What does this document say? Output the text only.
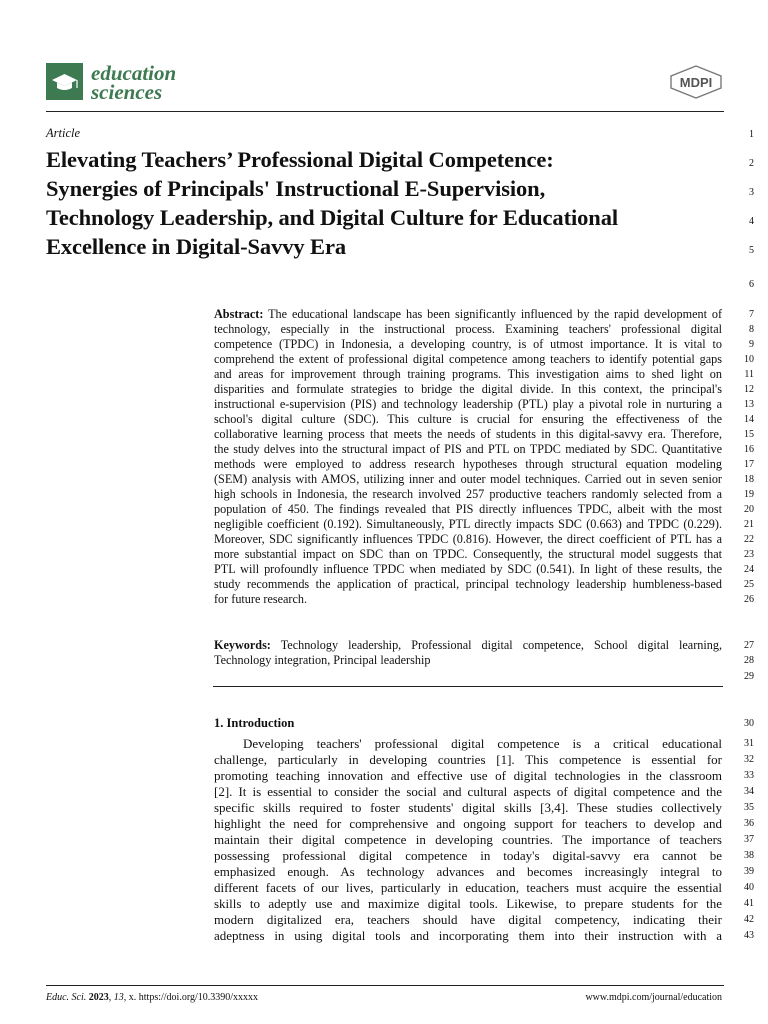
education
sciences	MDPI
Article
Elevating Teachers’ Professional Digital Competence:
Synergies of Principals' Instructional E-Supervision,
Technology Leadership, and Digital Culture for Educational
Excellence in Digital-Savvy Era
Abstract: The educational landscape has been significantly influenced by the rapid development of
technology, especially in the instructional process. Examining teachers' professional digital
competence (TPDC) in Indonesia, a developing country, is of utmost importance. It is vital to
comprehend the extent of professional digital competence among teachers to identify potential gaps
and areas for improvement through training programs. This investigation aims to shed light on
disparities and formulate strategies to bridge the digital divide. In this context, the principal's
instructional e-supervision (PIS) and technology leadership (PTL) play a pivotal role in nurturing a
school's digital culture (SDC). This culture is crucial for ensuring the effectiveness of the
collaborative learning process that meets the needs of students in this digital-savvy era. Therefore,
the study delves into the structural impact of PIS and PTL on TPDC mediated by SDC. Quantitative
methods were employed to address research hypotheses through structural equation modeling
(SEM) analysis with AMOS, utilizing inner and outer model techniques. Carried out in seven senior
high schools in Indonesia, the research involved 257 productive teachers randomly selected from a
population of 450. The findings revealed that PIS directly influences TPDC, albeit with the most
negligible coefficient (0.192). Simultaneously, PTL directly impacts SDC (0.663) and TPDC (0.229).
Moreover, SDC significantly influences TPDC (0.816). However, the direct coefficient of PTL has a
more substantial impact on SDC than on TPDC. Consequently, the structural model suggests that
PTL will profoundly influence TPDC when mediated by SDC (0.541). In light of these results, the
study recommends the application of practical, principal technology leadership humbleness-based
for future research.
Keywords: Technology leadership, Professional digital competence, School digital learning,
Technology integration, Principal leadership
1. Introduction
Developing teachers' professional digital competence is a critical educational
challenge, particularly in developing countries [1]. This competence is essential for
promoting teaching innovation and effective use of digital technologies in the classroom
[2]. It is essential to consider the social and cultural aspects of digital competence and the
specific skills required to foster students' digital skills [3,4]. These studies collectively
highlight the need for comprehensive and ongoing support for teachers to develop and
maintain their digital competence in developing countries. The importance of teachers
possessing professional digital competence in today's digital-savvy era cannot be
emphasized enough. As technology advances and becomes increasingly integral to
different facets of our lives, particularly in education, teachers must acquire the essential
skills to adeptly use and maximize digital tools. Likewise, to prepare students for the
modern digitalized era, teachers should have digital competency, indicating their
adeptness in using digital tools and incorporating them into their instruction with a
1
2
3
4
5
6
7
8
9
10
11
12
13
14
15
16
17
18
19
20
21
22
23
24
25
26
27
28
29
30
31
32
33
34
35
36
37
38
39
40
41
42
43
Educ. Sci. 2023, 13, x. https://doi.org/10.3390/xxxxx	www.mdpi.com/journal/education
